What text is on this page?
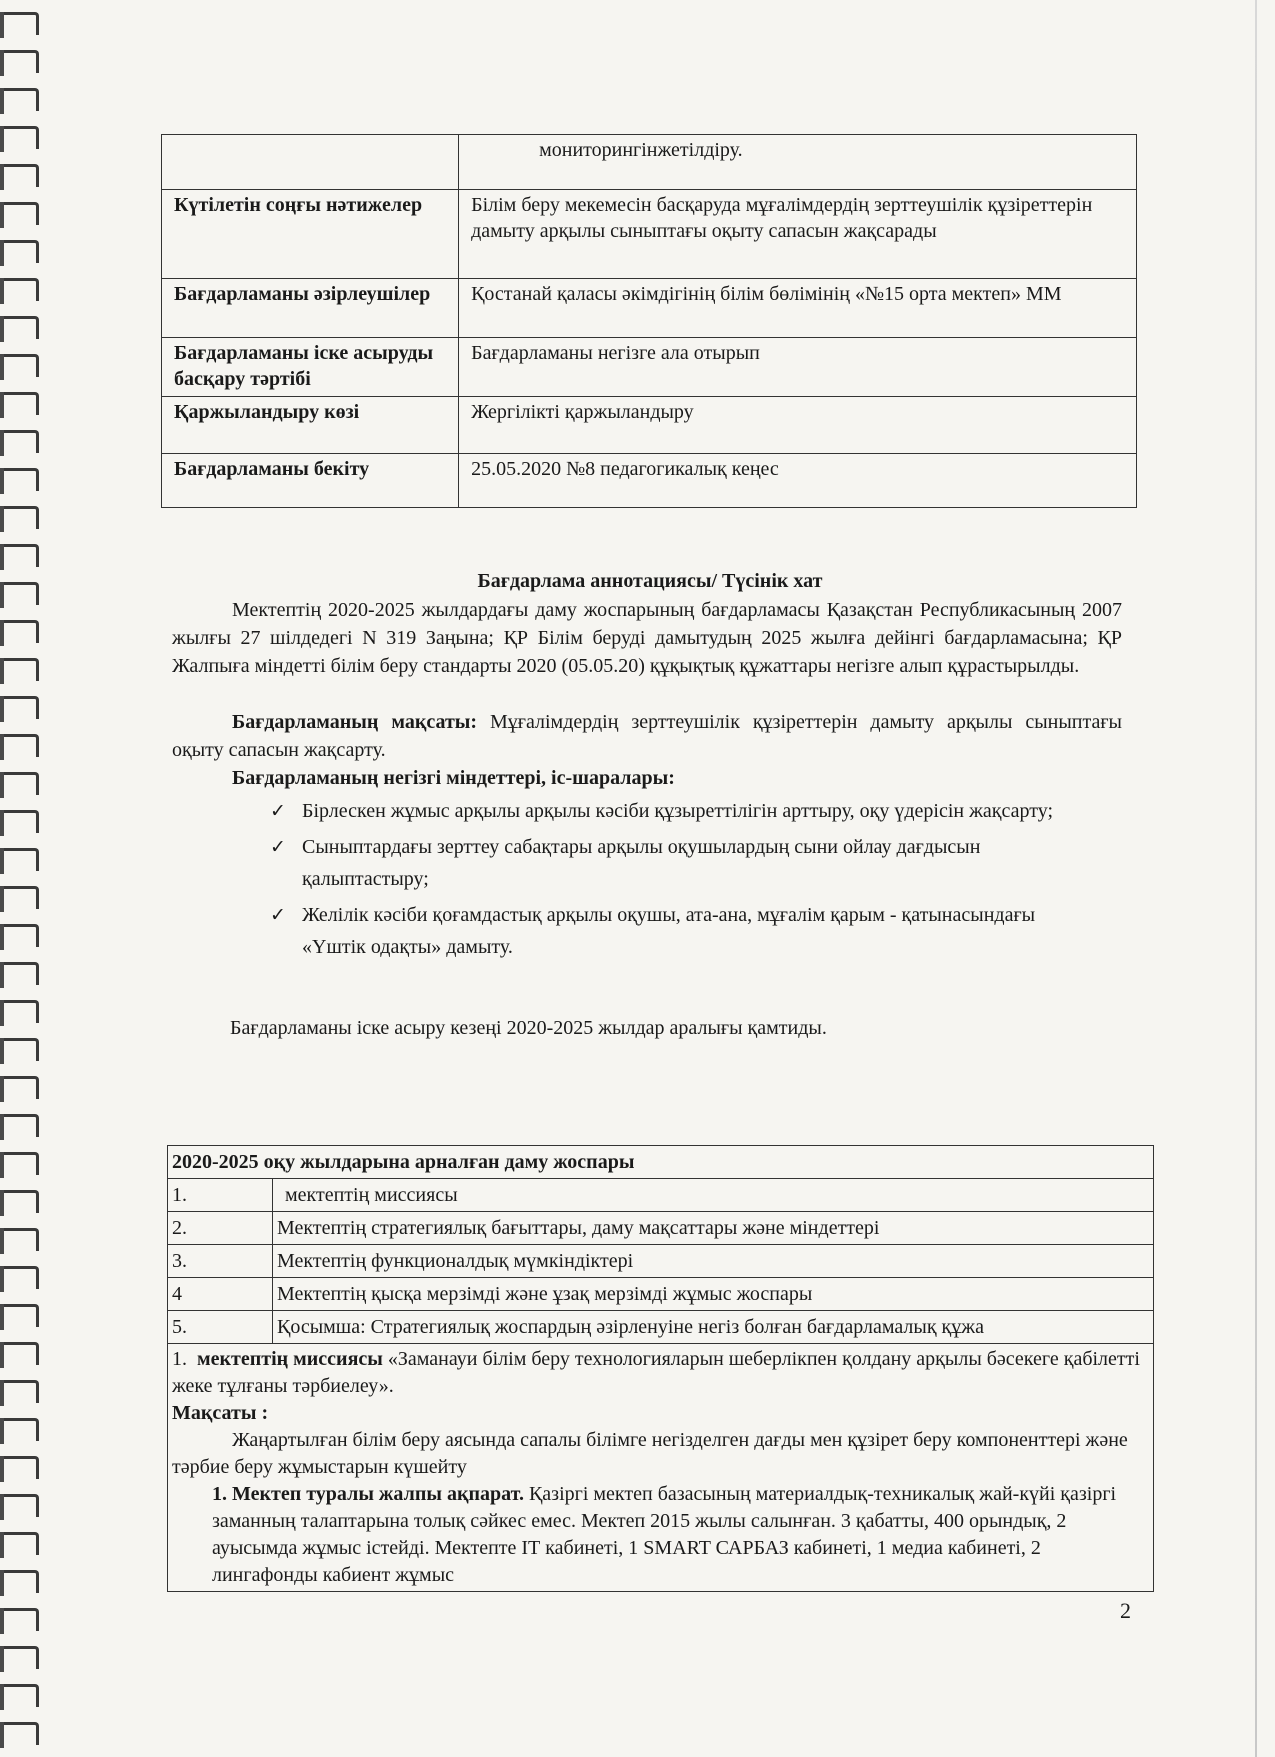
	мониторингінжетілдіру.
Күтілетін соңғы нәтижелер	Білім беру мекемесін басқаруда мұғалімдердің зерттеушілік құзіреттерін дамыту арқылы сыныптағы оқыту сапасын жақсарады
Бағдарламаны әзірлеушілер	Қостанай қаласы әкімдігінің білім бөлімінің «№15 орта мектеп» ММ
Бағдарламаны іске асыруды басқару тәртібі	Бағдарламаны негізге ала отырып
Қаржыландыру көзі	Жергілікті қаржыландыру
Бағдарламаны бекіту	25.05.2020 №8 педагогикалық кеңес
Бағдарлама аннотациясы/ Түсінік хат
Мектептің 2020-2025 жылдардағы даму жоспарының бағдарламасы Қазақстан Республикасының 2007 жылғы 27 шілдедегі N 319 Заңына; ҚР Білім беруді дамытудың 2025 жылға дейінгі бағдарламасына; ҚР Жалпыға міндетті білім беру стандарты 2020 (05.05.20) құқықтық құжаттары негізге алып құрастырылды.
Бағдарламаның мақсаты: Мұғалімдердің зерттеушілік құзіреттерін дамыту арқылы сыныптағы оқыту сапасын жақсарту.
Бағдарламаның негізгі міндеттері, іс-шаралары:
✓ Бірлескен жұмыс арқылы арқылы кәсіби құзыреттілігін арттыру, оқу үдерісін жақсарту;
✓ Сыныптардағы зерттеу сабақтары арқылы оқушылардың сыни ойлау дағдысын қалыптастыру;
✓ Желілік кәсіби қоғамдастық арқылы оқушы, ата-ана, мұғалім қарым - қатынасындағы «Үштік одақты» дамыту.
Бағдарламаны іске асыру кезеңі 2020-2025 жылдар аралығы қамтиды.
2020-2025 оқу жылдарына арналған даму жоспары	
1.	мектептің миссиясы
2.	Мектептің стратегиялық бағыттары, даму мақсаттары және міндеттері
3.	Мектептің функционалдық мүмкіндіктері
4	Мектептің қысқа мерзімді және ұзақ мерзімді жұмыс жоспары
5.	Қосымша: Стратегиялық жоспардың әзірленуіне негіз болған бағдарламалық құжа

1. мектептің миссиясы «Заманауи білім беру технологияларын шеберлікпен қолдану арқылы бәсекеге қабілетті жеке тұлғаны тәрбиелеу».
Мақсаты :
Жаңартылған білім беру аясында сапалы білімге негізделген дағды мен құзірет беру компоненттері және тәрбие беру жұмыстарын күшейту
1. Мектеп туралы жалпы ақпарат. Қазіргі мектеп базасының материалдық-техникалық жай-күйі қазіргі заманның талаптарына толық сәйкес емес. Мектеп 2015 жылы салынған. 3 қабатты, 400 орындық, 2 ауысымда жұмыс істейді. Мектепте ІТ кабинеті, 1 SMART САРБАЗ кабинеті, 1 медиа кабинеті, 2 лингафонды кабиент жұмыс	
2
